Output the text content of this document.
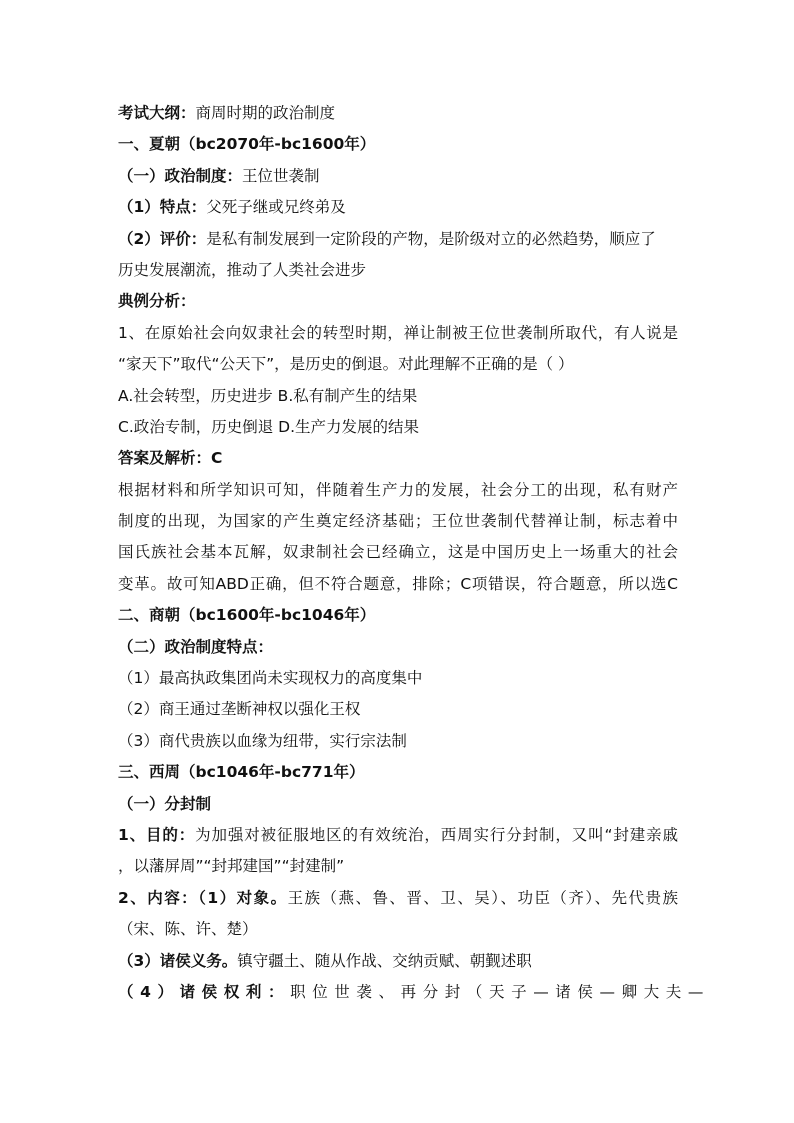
考试大纲：商周时期的政治制度
一、夏朝（bc2070年-bc1600年）
（一）政治制度：王位世袭制
（1）特点：父死子继或兄终弟及
（2）评价：是私有制发展到一定阶段的产物，是阶级对立的必然趋势，顺应了
历史发展潮流，推动了人类社会进步
典例分析：
1、在原始社会向奴隶社会的转型时期，禅让制被王位世袭制所取代，有人说是
“家天下”取代“公天下”，是历史的倒退。对此理解不正确的是（ ）
A.社会转型，历史进步 B.私有制产生的结果
C.政治专制，历史倒退 D.生产力发展的结果
答案及解析：C
根据材料和所学知识可知，伴随着生产力的发展，社会分工的出现，私有财产
制度的出现，为国家的产生奠定经济基础；王位世袭制代替禅让制，标志着中
国氏族社会基本瓦解，奴隶制社会已经确立，这是中国历史上一场重大的社会
变革。故可知ABD正确，但不符合题意，排除；C项错误，符合题意，所以选C
二、商朝（bc1600年-bc1046年）
（二）政治制度特点：
（1）最高执政集团尚未实现权力的高度集中
（2）商王通过垄断神权以强化王权
（3）商代贵族以血缘为纽带，实行宗法制
三、西周（bc1046年-bc771年）
（一）分封制
1、目的：为加强对被征服地区的有效统治，西周实行分封制，又叫“封建亲戚
，以藩屏周”“封邦建国”“封建制”
2、内容：（1）对象。王族（燕、鲁、晋、卫、吴）、功臣（齐）、先代贵族
（宋、陈、许、楚）
（3）诸侯义务。镇守疆土、随从作战、交纳贡赋、朝觐述职
（4）诸侯权利：职位世袭、再分封（天子—诸侯—卿大夫—
